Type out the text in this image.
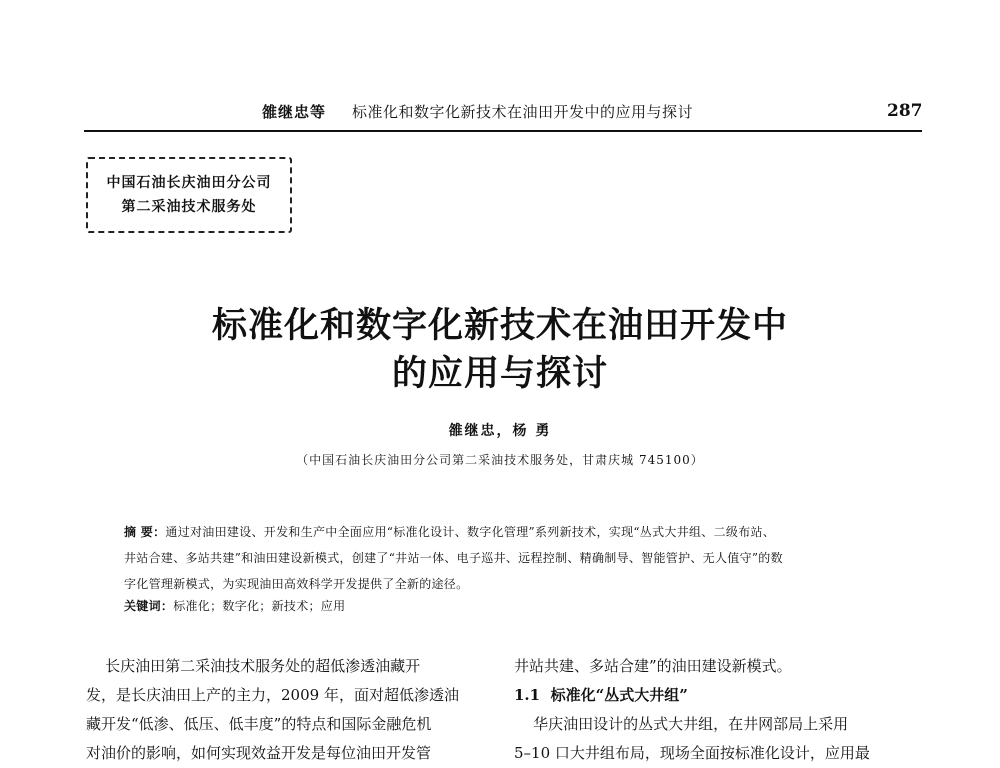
雒继忠等 标准化和数字化新技术在油田开发中的应用与探讨	287
中国石油长庆油田分公司
第二采油技术服务处
标准化和数字化新技术在油田开发中
的应用与探讨
雒继忠，杨 勇
（中国石油长庆油田分公司第二采油技术服务处，甘肃庆城 745100）
摘 要：通过对油田建设、开发和生产中全面应用“标准化设计、数字化管理”系列新技术，实现“丛式大井组、二级布站、
井站合建、多站共建”和油田建设新模式，创建了“井站一体、电子巡井、远程控制、精确制导、智能管护、无人值守”的数
字化管理新模式，为实现油田高效科学开发提供了全新的途径。
关键词：标准化；数字化；新技术；应用
长庆油田第二采油技术服务处的超低渗透油藏开
发，是长庆油田上产的主力，2009 年，面对超低渗透油
藏开发“低渗、低压、低丰度”的特点和国际金融危机
对油价的影响，如何实现效益开发是每位油田开发管
井站共建、多站合建”的油田建设新模式。
1.1 标准化“丛式大井组”
华庆油田设计的丛式大井组，在井网部局上采用
5–10 口大井组布局，现场全面按标准化设计，应用最
